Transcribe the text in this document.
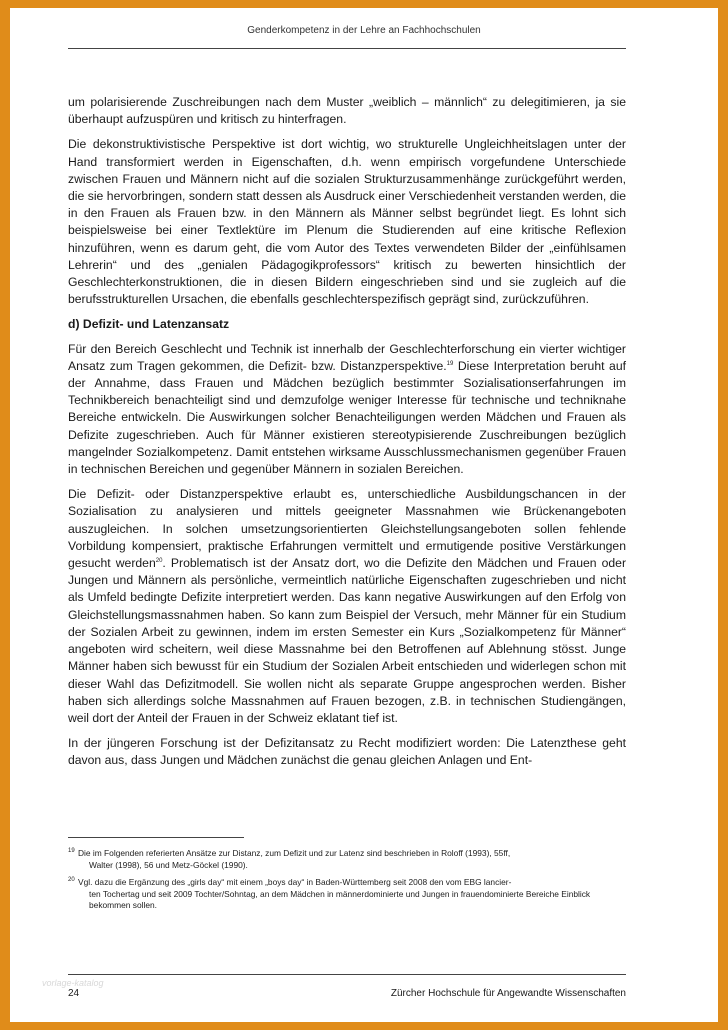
Genderkompetenz in der Lehre an Fachhochschulen

um polarisierende Zuschreibungen nach dem Muster „weiblich – männlich“ zu delegitimieren, ja sie überhaupt aufzuspüren und kritisch zu hinterfragen.

Die dekonstruktivistische Perspektive ist dort wichtig, wo strukturelle Ungleichheitslagen unter der Hand transformiert werden in Eigenschaften, d.h. wenn empirisch vorgefundene Unterschiede zwischen Frauen und Männern nicht auf die sozialen Strukturzusammenhänge zurückgeführt werden, die sie hervorbringen, sondern statt dessen als Ausdruck einer Verschiedenheit verstanden werden, die in den Frauen als Frauen bzw. in den Männern als Männer selbst begründet liegt. Es lohnt sich beispielsweise bei einer Textlektüre im Plenum die Studierenden auf eine kritische Reflexion hinzuführen, wenn es darum geht, die vom Autor des Textes verwendeten Bilder der „einfühlsamen Lehrerin“ und des „genialen Pädagogikprofessors“ kritisch zu bewerten hinsichtlich der Geschlechterkonstruktionen, die in diesen Bildern eingeschrieben sind und sie zugleich auf die berufsstrukturellen Ursachen, die ebenfalls geschlechterspezifisch geprägt sind, zurückzuführen.

d) Defizit- und Latenzansatz

Für den Bereich Geschlecht und Technik ist innerhalb der Geschlechterforschung ein vierter wichtiger Ansatz zum Tragen gekommen, die Defizit- bzw. Distanzperspektive.$^{19}$ Diese Interpretation beruht auf der Annahme, dass Frauen und Mädchen bezüglich bestimmter Sozialisationserfahrungen im Technikbereich benachteiligt sind und demzufolge weniger Interesse für technische und techniknahe Bereiche entwickeln. Die Auswirkungen solcher Benachteiligungen werden Mädchen und Frauen als Defizite zugeschrieben. Auch für Männer existieren stereotypisierende Zuschreibungen bezüglich mangelnder Sozialkompetenz. Damit entstehen wirksame Ausschlussmechanismen gegenüber Frauen in technischen Bereichen und gegenüber Männern in sozialen Bereichen.

Die Defizit- oder Distanzperspektive erlaubt es, unterschiedliche Ausbildungschancen in der Sozialisation zu analysieren und mittels geeigneter Massnahmen wie Brückenangeboten auszugleichen. In solchen umsetzungsorientierten Gleichstellungsangeboten sollen fehlende Vorbildung kompensiert, praktische Erfahrungen vermittelt und ermutigende positive Verstärkungen gesucht werden$^{20}$. Problematisch ist der Ansatz dort, wo die Defizite den Mädchen und Frauen oder Jungen und Männern als persönliche, vermeintlich natürliche Eigenschaften zugeschrieben und nicht als Umfeld bedingte Defizite interpretiert werden. Das kann negative Auswirkungen auf den Erfolg von Gleichstellungsmassnahmen haben. So kann zum Beispiel der Versuch, mehr Männer für ein Studium der Sozialen Arbeit zu gewinnen, indem im ersten Semester ein Kurs „Sozialkompetenz für Männer“ angeboten wird scheitern, weil diese Massnahme bei den Betroffenen auf Ablehnung stösst. Junge Männer haben sich bewusst für ein Studium der Sozialen Arbeit entschieden und widerlegen schon mit dieser Wahl das Defizitmodell. Sie wollen nicht als separate Gruppe angesprochen werden. Bisher haben sich allerdings solche Massnahmen auf Frauen bezogen, z.B. in technischen Studiengängen, weil dort der Anteil der Frauen in der Schweiz eklatant tief ist.

In der jüngeren Forschung ist der Defizitansatz zu Recht modifiziert worden: Die Latenzthese geht davon aus, dass Jungen und Mädchen zunächst die genau gleichen Anlagen und Ent-

19 Die im Folgenden referierten Ansätze zur Distanz, zum Defizit und zur Latenz sind beschrieben in Roloff (1993), 55ff,
Walter (1998), 56 und Metz-Göckel (1990).
20 Vgl. dazu die Ergänzung des „girls day“ mit einem „boys day“ in Baden-Württemberg seit 2008 den vom EBG lancier-
ten Tochertag und seit 2009 Tochter/Sohntag, an dem Mädchen in männerdominierte und Jungen in frauendominierte Bereiche Einblick bekommen sollen.
vorlage-katalog
24	Zürcher Hochschule für Angewandte Wissenschaften
